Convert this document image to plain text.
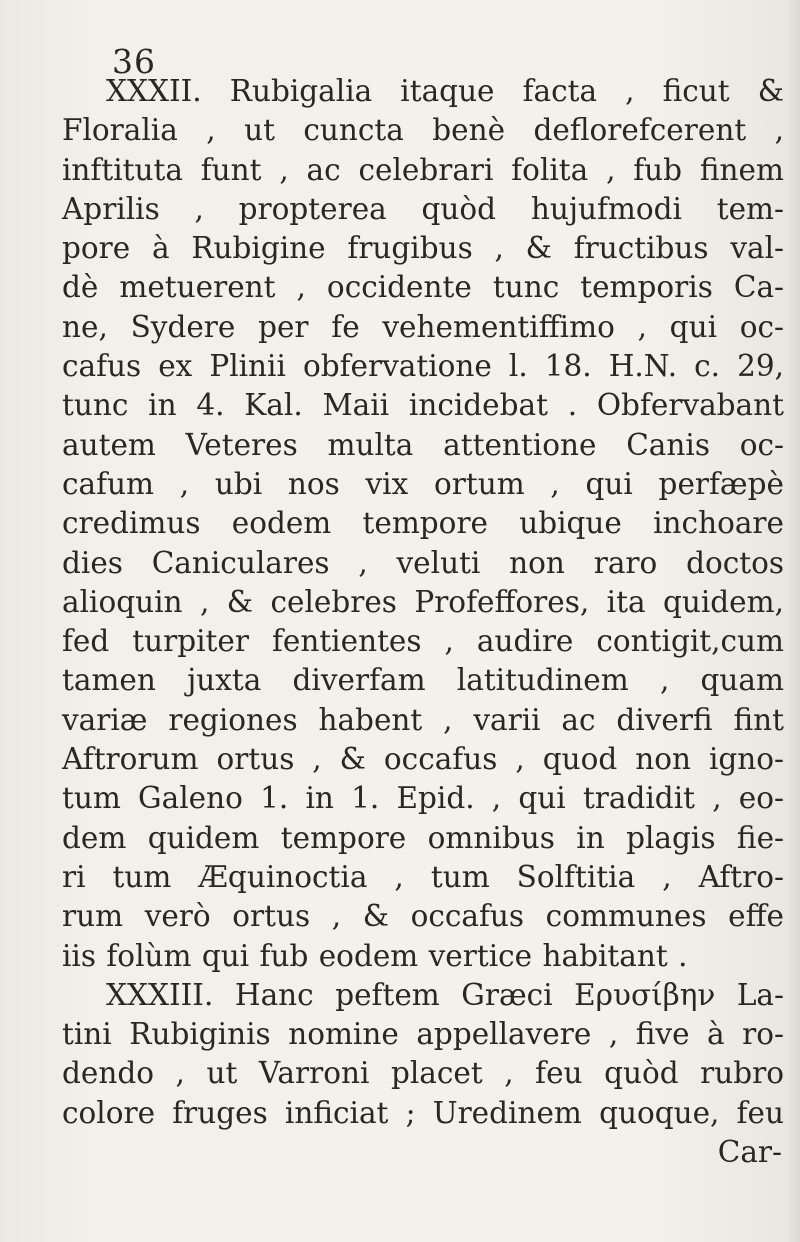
36
XXXII. Rubigalia itaque facta , ficut &
Floralia , ut cuncta benè deflorefcerent ,
inftituta funt , ac celebrari folita , fub finem
Aprilis , propterea quòd hujufmodi tem-
pore à Rubigine frugibus , & fructibus val-
dè metuerent , occidente tunc temporis Ca-
ne, Sydere per fe vehementiffimo , qui oc-
cafus ex Plinii obfervatione l. 18. H.N. c. 29,
tunc in 4. Kal. Maii incidebat . Obfervabant
autem Veteres multa attentione Canis oc-
cafum , ubi nos vix ortum , qui perfæpè
credimus eodem tempore ubique inchoare
dies Caniculares , veluti non raro doctos
alioquin , & celebres Profeffores, ita quidem,
fed turpiter fentientes , audire contigit,cum
tamen juxta diverfam latitudinem , quam
variæ regiones habent , varii ac diverfi fint
Aftrorum ortus , & occafus , quod non igno-
tum Galeno 1. in 1. Epid. , qui tradidit , eo-
dem quidem tempore omnibus in plagis fie-
ri tum Æquinoctia , tum Solftitia , Aftro-
rum verò ortus , & occafus communes effe
iis folùm qui fub eodem vertice habitant .
XXXIII. Hanc peftem Græci Ερυσίβην La-
tini Rubiginis nomine appellavere , five à ro-
dendo , ut Varroni placet , feu quòd rubro
colore fruges inficiat ; Uredinem quoque, feu
Car-
